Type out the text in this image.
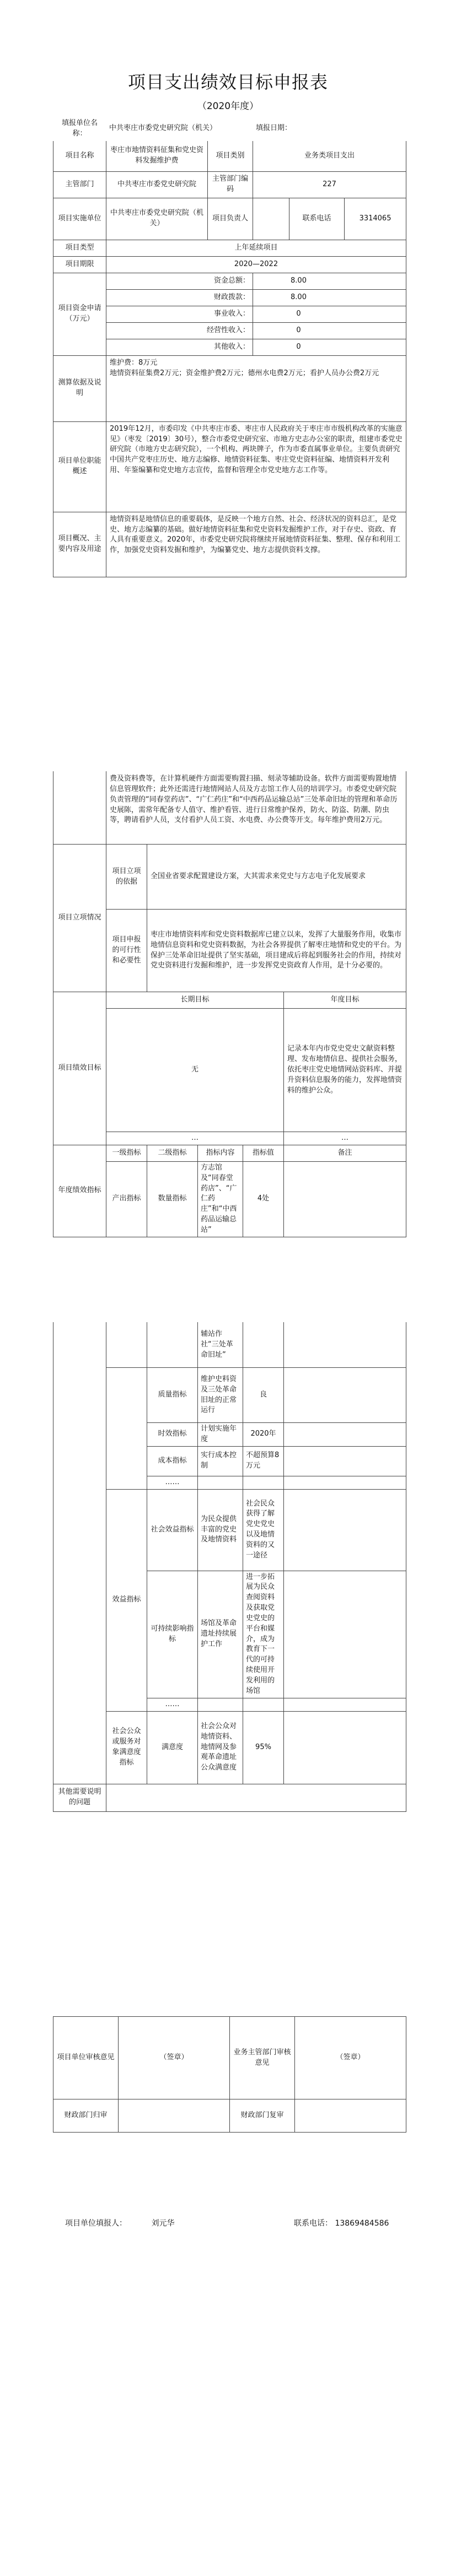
项目支出绩效目标申报表
（2020年度）
填报单位名称：	中共枣庄市委党史研究院（机关）		填报日期：		
项目名称	枣庄市地情资料征集和党史资料发掘维护费	项目类别	业务类项目支出		
主管部门	中共枣庄市委党史研究院	主管部门编码	227		
项目实施单位	中共枣庄市委党史研究院（机关）	项目负责人		联系电话	3314065
项目类型	上年延续项目				
项目期限	2020—2022				
项目资金申请（万元）	资金总额：		8.00		
	财政拨款：		8.00		
	事业收入：		0		
	经营性收入：		0		
	其他收入：		0		
测算依据及说明	维护费：8万元
地情资料征集费2万元；资金维护费2万元；德州水电费2万元；看护人员办公费2万元				

项目单位职能概述	2019年12月，市委印发《中共枣庄市委、枣庄市人民政府关于枣庄市市级机构改革的实施意见》（枣发〔2019〕30号），整合市委党史研究室、市地方史志办公室的职责，组建市委党史研究院（市地方史志研究院），一个机构、两块牌子，作为市委直属事业单位。主要负责研究中国共产党枣庄历史、地方志编修、地情资料征集、枣庄党史资料征编、地情资料开发利用、年鉴编纂和党史地方志宣传，监督和管理全市党史地方志工作等。				
项目概况、主要内容及用途	地情资料是地情信息的重要载体，是反映一个地方自然、社会、经济状况的资料总汇，是党史、地方志编纂的基础。做好地情资料征集和党史资料发掘维护工作，对于存史、资政、育人具有重要意义。2020年，市委党史研究院将继续开展地情资料征集、整理、保存和利用工作，加强党史资料发掘和维护，为编纂党史、地方志提供资料支撑。				
	费及资料费等，在计算机硬件方面需要购置扫描、刻录等辅助设备。软件方面需要购置地情信息管理软件；此外还需进行地情网站人员及方志馆工作人员的培训学习。市委党史研究院负责管理的“同春堂药店”、“广仁药庄”和“中西药品运输总站”三处革命旧址的管理和革命历史展陈，需常年配备专人值守、维护看管、进行日常维护保养，防火、防盗、防潮、防虫等，聘请看护人员，支付看护人员工资、水电费、办公费等开支。每年维护费用2万元。				
项目立项情况	项目立项的依据	全国业省要求配置建设方案，大其需求来党史与方志电子化发展要求			
	项目申报的可行性和必要性	枣庄市地情资料库和党史资料数据库已建立以来，发挥了大量服务作用，收集市地情信息资料和党史资料数据，为社会各界提供了解枣庄地情和党史的平台。为保护三处革命旧址提供了坚实基础，项目建成后将起到服务社会的作用，持续对党史资料进行发掘和维护，进一步发挥党史资政育人作用，是十分必要的。			
项目绩效目标	长期目标				年度目标
	无				记录本年内市党史党史文献资料整理、发布地情信息、提供社会服务，依托枣庄党史地情网站资料库、并提升资料信息服务的能力，发挥地情资料的维护公众。
	…				…
年度绩效指标	一级指标	二级指标	指标内容	指标值	备注
	产出指标	数量指标	方志馆及“同春堂药店”、“广仁药庄”和“中西药品运输总站”	4处	
			辅站作社“三处革命旧址”		
		质量指标	维护史料资及三处革命旧址的正常运行	良	
		时效指标	计划实施年度	2020年	
		成本指标	实行成本控制	不超预算8万元	
		……			
	效益指标	社会效益指标	为民众提供丰富的党史及地情资料	社会民众获得了解党史党史以及地情资料的又一途径	
		可持续影响指标	场馆及革命遗址持续展护工作	进一步拓展为民众查阅资料及获取党史党史的平台和媒介，成为教育下一代的可持续使用开发利用的场馆	
		……			
	社会公众或服务对象满意度指标	满意度	社会公众对地情资料、地情网及参观革命遗址公众满意度	95%	
其他需要说明的问题					
项目单位审核意见	（签章）	业务主管部门审核意见	（签章）
财政部门归审		财政部门复审	
项目单位填报人：	刘元华	联系电话： 13869484586
